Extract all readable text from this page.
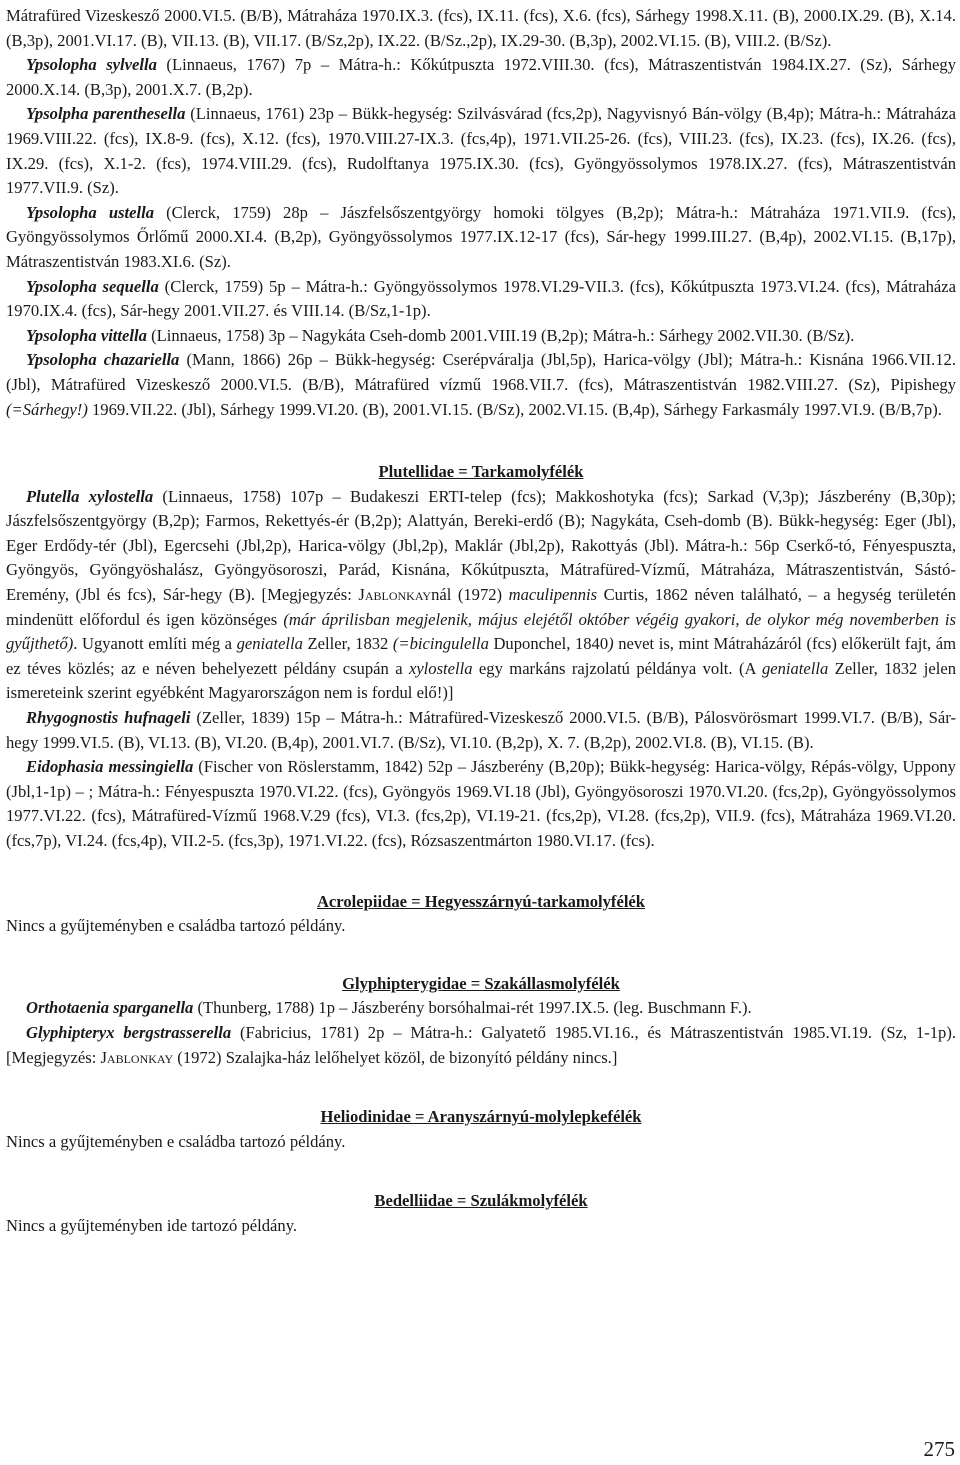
Mátrafüred Vizeskesző 2000.VI.5. (B/B), Mátraháza 1970.IX.3. (fcs), IX.11. (fcs), X.6. (fcs), Sárhegy 1998.X.11. (B), 2000.IX.29. (B), X.14. (B,3p), 2001.VI.17. (B), VII.13. (B), VII.17. (B/Sz,2p), IX.22. (B/Sz.,2p), IX.29-30. (B,3p), 2002.VI.15. (B), VIII.2. (B/Sz).

Ypsolopha sylvella (Linnaeus, 1767) 7p – Mátra-h.: Kőkútpuszta 1972.VIII.30. (fcs), Mátraszentistván 1984.IX.27. (Sz), Sárhegy 2000.X.14. (B,3p), 2001.X.7. (B,2p).

Ypsolpha parenthesella (Linnaeus, 1761) 23p – Bükk-hegység: Szilvásvárad (fcs,2p), Nagyvisnyó Bán-völgy (B,4p); Mátra-h.: Mátraháza 1969.VIII.22. (fcs), IX.8-9. (fcs), X.12. (fcs), 1970.VIII.27-IX.3. (fcs,4p), 1971.VII.25-26. (fcs), VIII.23. (fcs), IX.23. (fcs), IX.26. (fcs), IX.29. (fcs), X.1-2. (fcs), 1974.VIII.29. (fcs), Rudolftanya 1975.IX.30. (fcs), Gyöngyössolymos 1978.IX.27. (fcs), Mátraszentistván 1977.VII.9. (Sz).

Ypsolopha ustella (Clerck, 1759) 28p – Jászfelsőszentgyörgy homoki tölgyes (B,2p); Mátra-h.: Mátraháza 1971.VII.9. (fcs), Gyöngyössolymos Őrlőmű 2000.XI.4. (B,2p), Gyöngyössolymos 1977.IX.12-17 (fcs), Sár-hegy 1999.III.27. (B,4p), 2002.VI.15. (B,17p), Mátraszentistván 1983.XI.6. (Sz).

Ypsolopha sequella (Clerck, 1759) 5p – Mátra-h.: Gyöngyössolymos 1978.VI.29-VII.3. (fcs), Kőkútpuszta 1973.VI.24. (fcs), Mátraháza 1970.IX.4. (fcs), Sár-hegy 2001.VII.27. és VIII.14. (B/Sz,1-1p).

Ypsolopha vittella (Linnaeus, 1758) 3p – Nagykáta Cseh-domb 2001.VIII.19 (B,2p); Mátra-h.: Sárhegy 2002.VII.30. (B/Sz).

Ypsolopha chazariella (Mann, 1866) 26p – Bükk-hegység: Cserépváralja (Jbl,5p), Harica-völgy (Jbl); Mátra-h.: Kisnána 1966.VII.12. (Jbl), Mátrafüred Vizeskesző 2000.VI.5. (B/B), Mátrafüred vízmű 1968.VII.7. (fcs), Mátraszentistván 1982.VIII.27. (Sz), Pipishegy (=Sárhegy!) 1969.VII.22. (Jbl), Sárhegy 1999.VI.20. (B), 2001.VI.15. (B/Sz), 2002.VI.15. (B,4p), Sárhegy Farkasmály 1997.VI.9. (B/B,7p).

Plutellidae = Tarkamolyfélék

Plutella xylostella (Linnaeus, 1758) 107p – Budakeszi ERTI-telep (fcs); Makkoshotyka (fcs); Sarkad (V,3p); Jászberény (B,30p); Jászfelsőszentgyörgy (B,2p); Farmos, Rekettyés-ér (B,2p); Alattyán, Bereki-erdő (B); Nagykáta, Cseh-domb (B). Bükk-hegység: Eger (Jbl), Eger Erdődy-tér (Jbl), Egercsehi (Jbl,2p), Harica-völgy (Jbl,2p), Maklár (Jbl,2p), Rakottyás (Jbl). Mátra-h.: 56p Cserkő-tó, Fényespuszta, Gyöngyös, Gyöngyöshalász, Gyöngyösoroszi, Parád, Kisnána, Kőkútpuszta, Mátrafüred-Vízmű, Mátraháza, Mátraszentistván, Sástó-Eremény, (Jbl és fcs), Sár-hegy (B). [Megjegyzés: Jablonkaynál (1972) maculipennis Curtis, 1862 néven található, – a hegység területén mindenütt előfordul és igen közönséges (már áprilisban megjelenik, május elejétől október végéig gyakori, de olykor még novemberben is gyűjthető). Ugyanott említi még a geniatella Zeller, 1832 (=bicingulella Duponchel, 1840) nevet is, mint Mátraházáról (fcs) előkerült fajt, ám ez téves közlés; az e néven behelyezett példány csupán a xylostella egy markáns rajzolatú példánya volt. (A geniatella Zeller, 1832 jelen ismereteink szerint egyébként Magyarországon nem is fordul elő!)]

Rhygognostis hufnageli (Zeller, 1839) 15p – Mátra-h.: Mátrafüred-Vizeskesző 2000.VI.5. (B/B), Pálosvörösmart 1999.VI.7. (B/B), Sár-hegy 1999.VI.5. (B), VI.13. (B), VI.20. (B,4p), 2001.VI.7. (B/Sz), VI.10. (B,2p), X. 7. (B,2p), 2002.VI.8. (B), VI.15. (B).

Eidophasia messingiella (Fischer von Röslerstamm, 1842) 52p – Jászberény (B,20p); Bükk-hegység: Harica-völgy, Répás-völgy, Uppony (Jbl,1-1p) – ; Mátra-h.: Fényespuszta 1970.VI.22. (fcs), Gyöngyös 1969.VI.18 (Jbl), Gyöngyösoroszi 1970.VI.20. (fcs,2p), Gyöngyössolymos 1977.VI.22. (fcs), Mátrafüred-Vízmű 1968.V.29 (fcs), VI.3. (fcs,2p), VI.19-21. (fcs,2p), VI.28. (fcs,2p), VII.9. (fcs), Mátraháza 1969.VI.20. (fcs,7p), VI.24. (fcs,4p), VII.2-5. (fcs,3p), 1971.VI.22. (fcs), Rózsaszentmárton 1980.VI.17. (fcs).

Acrolepiidae = Hegyesszárnyú-tarkamolyfélék

Nincs a gyűjteményben e családba tartozó példány.

Glyphipterygidae = Szakállasmolyfélék

Orthotaenia sparganella (Thunberg, 1788) 1p – Jászberény borsóhalmai-rét 1997.IX.5. (leg. Buschmann F.).

Glyphipteryx bergstrasserella (Fabricius, 1781) 2p – Mátra-h.: Galyatető 1985.VI.16., és Mátraszentistván 1985.VI.19. (Sz, 1-1p). [Megjegyzés: Jablonkay (1972) Szalajka-ház lelőhelyet közöl, de bizonyító példány nincs.]

Heliodinidae = Aranyszárnyú-molylepkefélék

Nincs a gyűjteményben e családba tartozó példány.

Bedelliidae = Szulákmolyfélék

Nincs a gyűjteményben ide tartozó példány.

275
